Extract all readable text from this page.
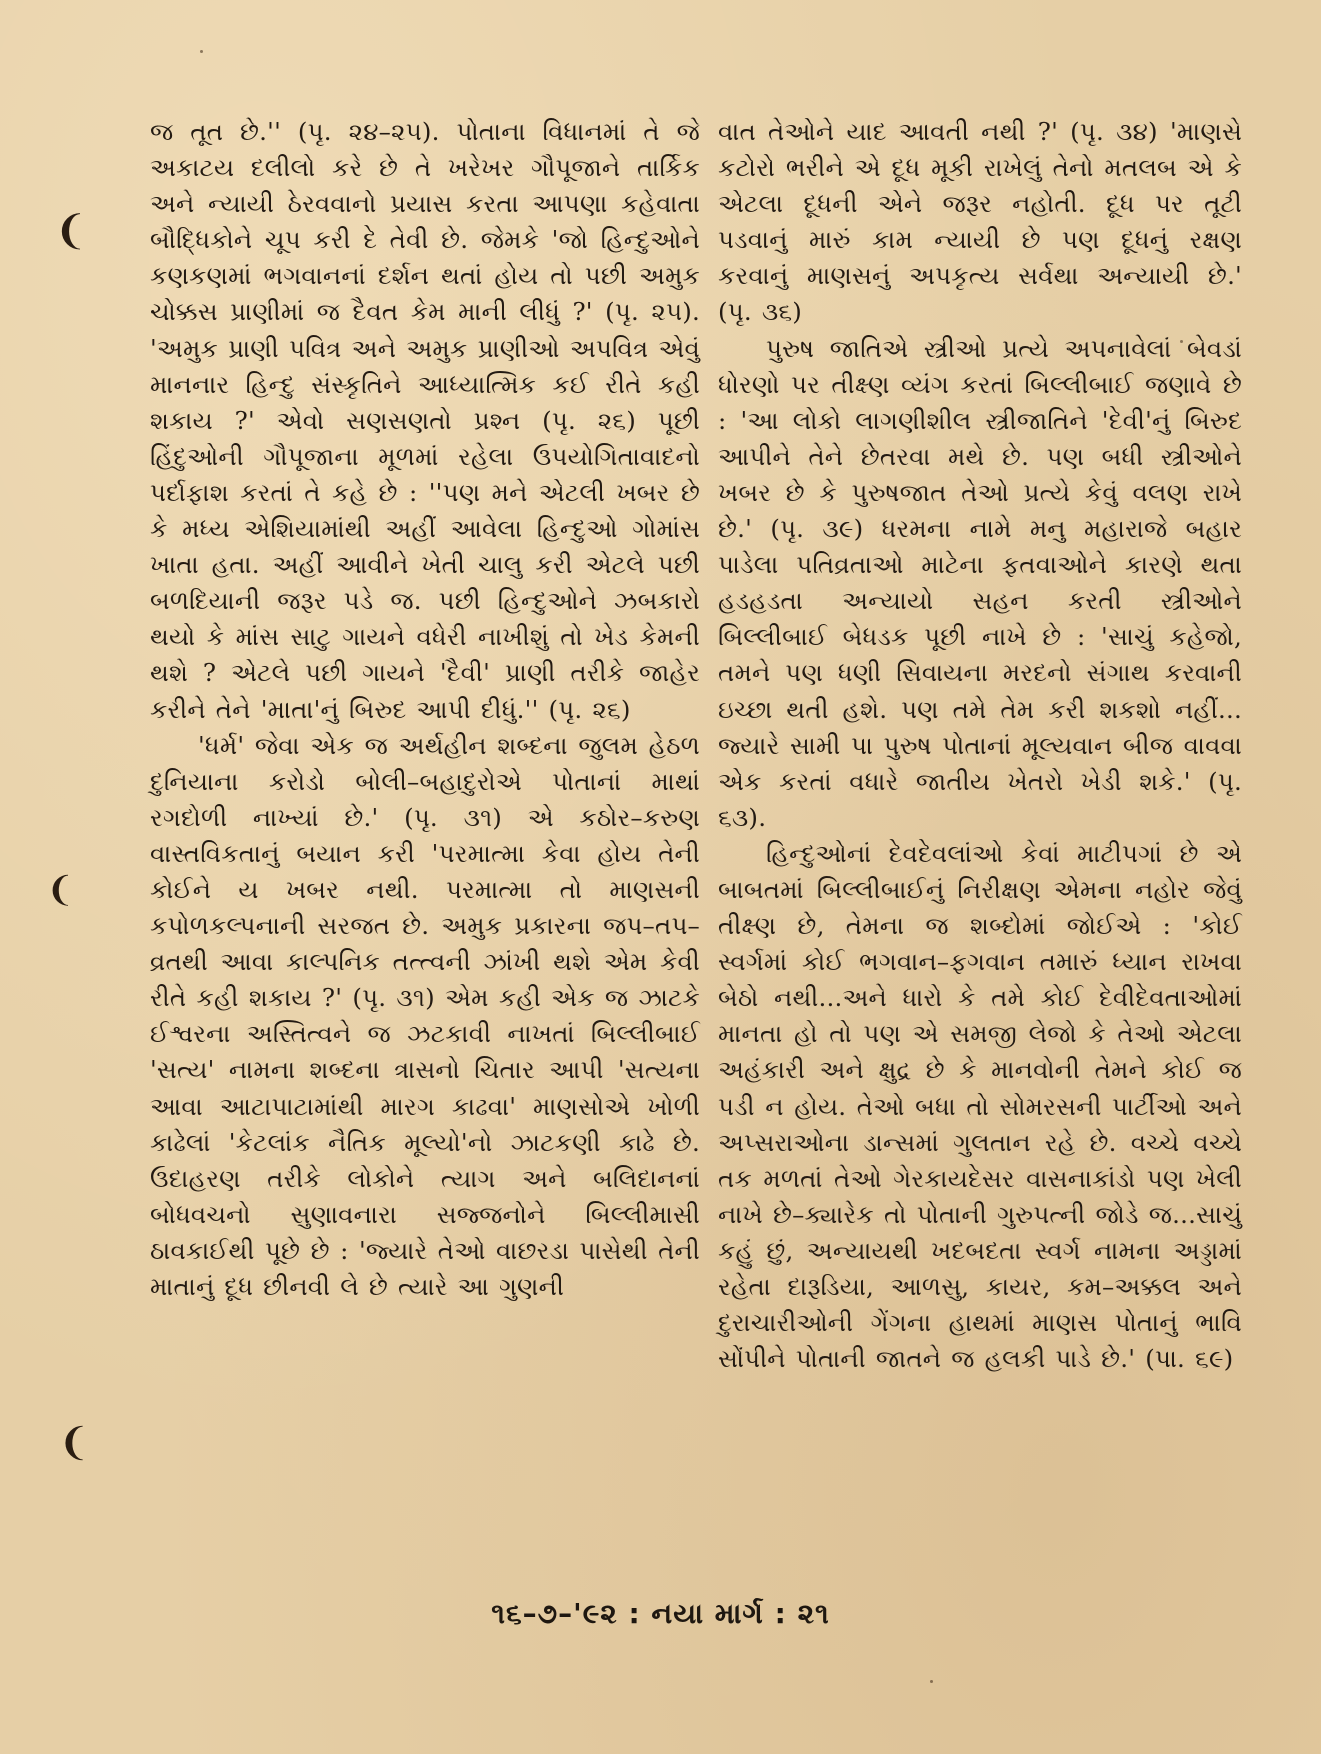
❨
❨
❨

જ તૂત છે.'' (પૃ. ૨૪–૨૫). પોતાના વિધાનમાં તે જે અકાટય દલીલો કરે છે તે ખરેખર ગૌપૂજાને તાર્કિક અને ન્યાયી ઠેરવવાનો પ્રયાસ કરતા આપણા કહેવાતા બૌદ્ધિકોને ચૂપ કરી દે તેવી છે. જેમકે 'જો હિન્દુઓને કણકણમાં ભગવાનનાં દર્શન થતાં હોય તો પછી અમુક ચોક્કસ પ્રાણીમાં જ દૈવત કેમ માની લીધું ?' (પૃ. ૨૫). 'અમુક પ્રાણી પવિત્ર અને અમુક પ્રાણીઓ અપવિત્ર એવું માનનાર હિન્દુ સંસ્કૃતિને આધ્યાત્મિક કઈ રીતે કહી શકાય ?' એવો સણસણતો પ્રશ્ન (પૃ. ૨૬) પૂછી હિંદુઓની ગૌપૂજાના મૂળમાં રહેલા ઉપયોગિતાવાદનો પર્દાફાશ કરતાં તે કહે છે : ''પણ મને એટલી ખબર છે કે મધ્ય એશિયામાંથી અહીં આવેલા હિન્દુઓ ગોમાંસ ખાતા હતા. અહીં આવીને ખેતી ચાલુ કરી એટલે પછી બળદિયાની જરૂર પડે જ. પછી હિન્દુઓને ઝબકારો થયો કે માંસ સાટુ ગાયને વધેરી નાખીશું તો ખેડ કેમની થશે ? એટલે પછી ગાયને 'દૈવી' પ્રાણી તરીકે જાહેર કરીને તેને 'માતા'નું બિરુદ આપી દીધું.'' (પૃ. ૨૬)

'ધર્મ' જેવા એક જ અર્થહીન શબ્દના જુલમ હેઠળ દુનિયાના કરોડો બોલી–બહાદુરોએ પોતાનાં માથાં રગદોળી નાખ્યાં છે.' (પૃ. ૩૧) એ કઠોર–કરુણ વાસ્તવિકતાનું બયાન કરી 'પરમાત્મા કેવા હોય તેની કોઈને ય ખબર નથી. પરમાત્મા તો માણસની કપોળકલ્પનાની સરજત છે. અમુક પ્રકારના જપ–તપ–વ્રતથી આવા કાલ્પનિક તત્ત્વની ઝાંખી થશે એમ કેવી રીતે કહી શકાય ?' (પૃ. ૩૧) એમ કહી એક જ ઝાટકે ઈશ્વરના અસ્તિત્વને જ ઝટકાવી નાખતાં બિલ્લીબાઈ 'સત્ય' નામના શબ્દના ત્રાસનો ચિતાર આપી 'સત્યના આવા આટાપાટામાંથી મારગ કાઢવા' માણસોએ ખોળી કાઢેલાં 'કેટલાંક નૈતિક મૂલ્યો'નો ઝાટકણી કાઢે છે. ઉદાહરણ તરીકે લોકોને ત્યાગ અને બલિદાનનાં બોધવચનો સુણાવનારા સજ્જનોને બિલ્લીમાસી ઠાવકાઈથી પૂછે છે : 'જ્યારે તેઓ વાછરડા પાસેથી તેની માતાનું દૂધ છીનવી લે છે ત્યારે આ ગુણની

વાત તેઓને યાદ આવતી નથી ?' (પૃ. ૩૪) 'માણસે કટોરો ભરીને એ દૂધ મૂકી રાખેલું તેનો મતલબ એ કે એટલા દૂધની એને જરૂર નહોતી. દૂધ પર તૂટી પડવાનું મારું કામ ન્યાયી છે પણ દૂધનું રક્ષણ કરવાનું માણસનું અપકૃત્ય સર્વથા અન્યાયી છે.' (પૃ. ૩૬)

પુરુષ જાતિએ સ્ત્રીઓ પ્રત્યે અપનાવેલાં બેવડાં ધોરણો પર તીક્ષ્ણ વ્યંગ કરતાં બિલ્લીબાઈ જણાવે છે : 'આ લોકો લાગણીશીલ સ્ત્રીજાતિને 'દેવી'નું બિરુદ આપીને તેને છેતરવા મથે છે. પણ બધી સ્ત્રીઓને ખબર છે કે પુરુષજાત તેઓ પ્રત્યે કેવું વલણ રાખે છે.' (પૃ. ૩૯) ધરમના નામે મનુ મહારાજે બહાર પાડેલા પતિવ્રતાઓ માટેના ફતવાઓને કારણે થતા હડહડતા અન્યાયો સહન કરતી સ્ત્રીઓને બિલ્લીબાઈ બેધડક પૂછી નાખે છે : 'સાચું કહેજો, તમને પણ ધણી સિવાયના મરદનો સંગાથ કરવાની ઇચ્છા થતી હશે. પણ તમે તેમ કરી શકશો નહીં... જ્યારે સામી પા પુરુષ પોતાનાં મૂલ્યવાન બીજ વાવવા એક કરતાં વધારે જાતીય ખેતરો ખેડી શકે.' (પૃ. ૬૩).

હિન્દુઓનાં દેવદેવલાંઓ કેવાં માટીપગાં છે એ બાબતમાં બિલ્લીબાઈનું નિરીક્ષણ એમના નહોર જેવું તીક્ષ્ણ છે, તેમના જ શબ્દોમાં જોઈએ : 'કોઈ સ્વર્ગમાં કોઈ ભગવાન–ફગવાન તમારું ધ્યાન રાખવા બેઠો નથી...અને ધારો કે તમે કોઈ દેવીદેવતાઓમાં માનતા હો તો પણ એ સમજી લેજો કે તેઓ એટલા અહંકારી અને ક્ષુદ્ર છે કે માનવોની તેમને કોઈ જ પડી ન હોય. તેઓ બધા તો સોમરસની પાર્ટીઓ અને અપ્સરાઓના ડાન્સમાં ગુલતાન રહે છે. વચ્ચે વચ્ચે તક મળતાં તેઓ ગેરકાયદેસર વાસનાકાંડો પણ ખેલી નાખે છે–ક્યારેક તો પોતાની ગુરુપત્ની જોડે જ...સાચું કહું છું, અન્યાયથી ખદબદતા સ્વર્ગ નામના અડ્ડામાં રહેતા દારૂડિયા, આળસુ, કાયર, કમ–અક્કલ અને દુરાચારીઓની ગેંગના હાથમાં માણસ પોતાનું ભાવિ સોંપીને પોતાની જાતને જ હલકી પાડે છે.' (પા. ૬૯)

૧૬–૭–'૯૨ : નયા માર્ગ : ૨૧
